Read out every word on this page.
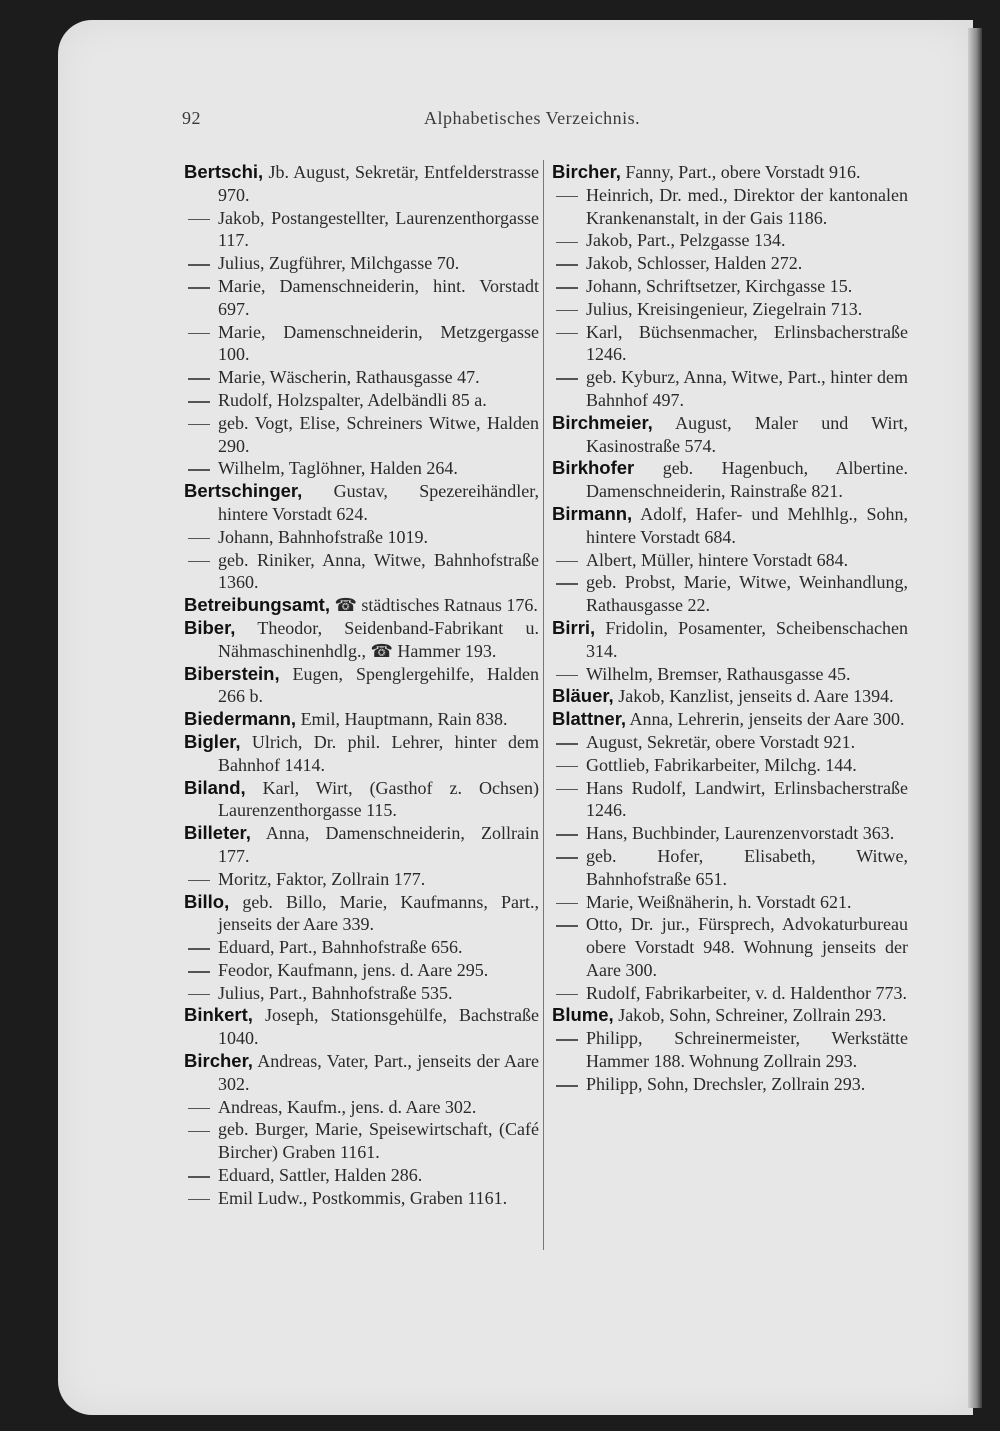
92	Alphabetisches Verzeichnis.
Bertschi, Jb. August, Sekretär, Entfelderstrasse 970.
Jakob, Postangestellter, Laurenzenthorgasse 117.
Julius, Zugführer, Milchgasse 70.
Marie, Damenschneiderin, hint. Vorstadt 697.
Marie, Damenschneiderin, Metzgergasse 100.
Marie, Wäscherin, Rathausgasse 47.
Rudolf, Holzspalter, Adelbändli 85 a.
geb. Vogt, Elise, Schreiners Witwe, Halden 290.
Wilhelm, Taglöhner, Halden 264.
Bertschinger, Gustav, Spezereihändler, hintere Vorstadt 624.
Johann, Bahnhofstraße 1019.
geb. Riniker, Anna, Witwe, Bahnhofstraße 1360.
Betreibungsamt, ☎ städtisches Ratnaus 176.
Biber, Theodor, Seidenband-Fabrikant u. Nähmaschinenhdlg., ☎ Hammer 193.
Biberstein, Eugen, Spenglergehilfe, Halden 266 b.
Biedermann, Emil, Hauptmann, Rain 838.
Bigler, Ulrich, Dr. phil. Lehrer, hinter dem Bahnhof 1414.
Biland, Karl, Wirt, (Gasthof z. Ochsen) Laurenzenthorgasse 115.
Billeter, Anna, Damenschneiderin, Zollrain 177.
Moritz, Faktor, Zollrain 177.
Billo, geb. Billo, Marie, Kaufmanns, Part., jenseits der Aare 339.
Eduard, Part., Bahnhofstraße 656.
Feodor, Kaufmann, jens. d. Aare 295.
Julius, Part., Bahnhofstraße 535.
Binkert, Joseph, Stationsgehülfe, Bachstraße 1040.
Bircher, Andreas, Vater, Part., jenseits der Aare 302.
Andreas, Kaufm., jens. d. Aare 302.
geb. Burger, Marie, Speisewirtschaft, (Café Bircher) Graben 1161.
Eduard, Sattler, Halden 286.
Emil Ludw., Postkommis, Graben 1161.
Bircher, Fanny, Part., obere Vorstadt 916.
Heinrich, Dr. med., Direktor der kantonalen Krankenanstalt, in der Gais 1186.
Jakob, Part., Pelzgasse 134.
Jakob, Schlosser, Halden 272.
Johann, Schriftsetzer, Kirchgasse 15.
Julius, Kreisingenieur, Ziegelrain 713.
Karl, Büchsenmacher, Erlinsbacherstraße 1246.
geb. Kyburz, Anna, Witwe, Part., hinter dem Bahnhof 497.
Birchmeier, August, Maler und Wirt, Kasinostraße 574.
Birkhofer geb. Hagenbuch, Albertine. Damenschneiderin, Rainstraße 821.
Birmann, Adolf, Hafer- und Mehlhlg., Sohn, hintere Vorstadt 684.
Albert, Müller, hintere Vorstadt 684.
geb. Probst, Marie, Witwe, Weinhandlung, Rathausgasse 22.
Birri, Fridolin, Posamenter, Scheibenschachen 314.
Wilhelm, Bremser, Rathausgasse 45.
Bläuer, Jakob, Kanzlist, jenseits d. Aare 1394.
Blattner, Anna, Lehrerin, jenseits der Aare 300.
August, Sekretär, obere Vorstadt 921.
Gottlieb, Fabrikarbeiter, Milchg. 144.
Hans Rudolf, Landwirt, Erlinsbacherstraße 1246.
Hans, Buchbinder, Laurenzenvorstadt 363.
geb. Hofer, Elisabeth, Witwe, Bahnhofstraße 651.
Marie, Weißnäherin, h. Vorstadt 621.
Otto, Dr. jur., Fürsprech, Advokaturbureau obere Vorstadt 948. Wohnung jenseits der Aare 300.
Rudolf, Fabrikarbeiter, v. d. Haldenthor 773.
Blume, Jakob, Sohn, Schreiner, Zollrain 293.
Philipp, Schreinermeister, Werkstätte Hammer 188. Wohnung Zollrain 293.
Philipp, Sohn, Drechsler, Zollrain 293.
